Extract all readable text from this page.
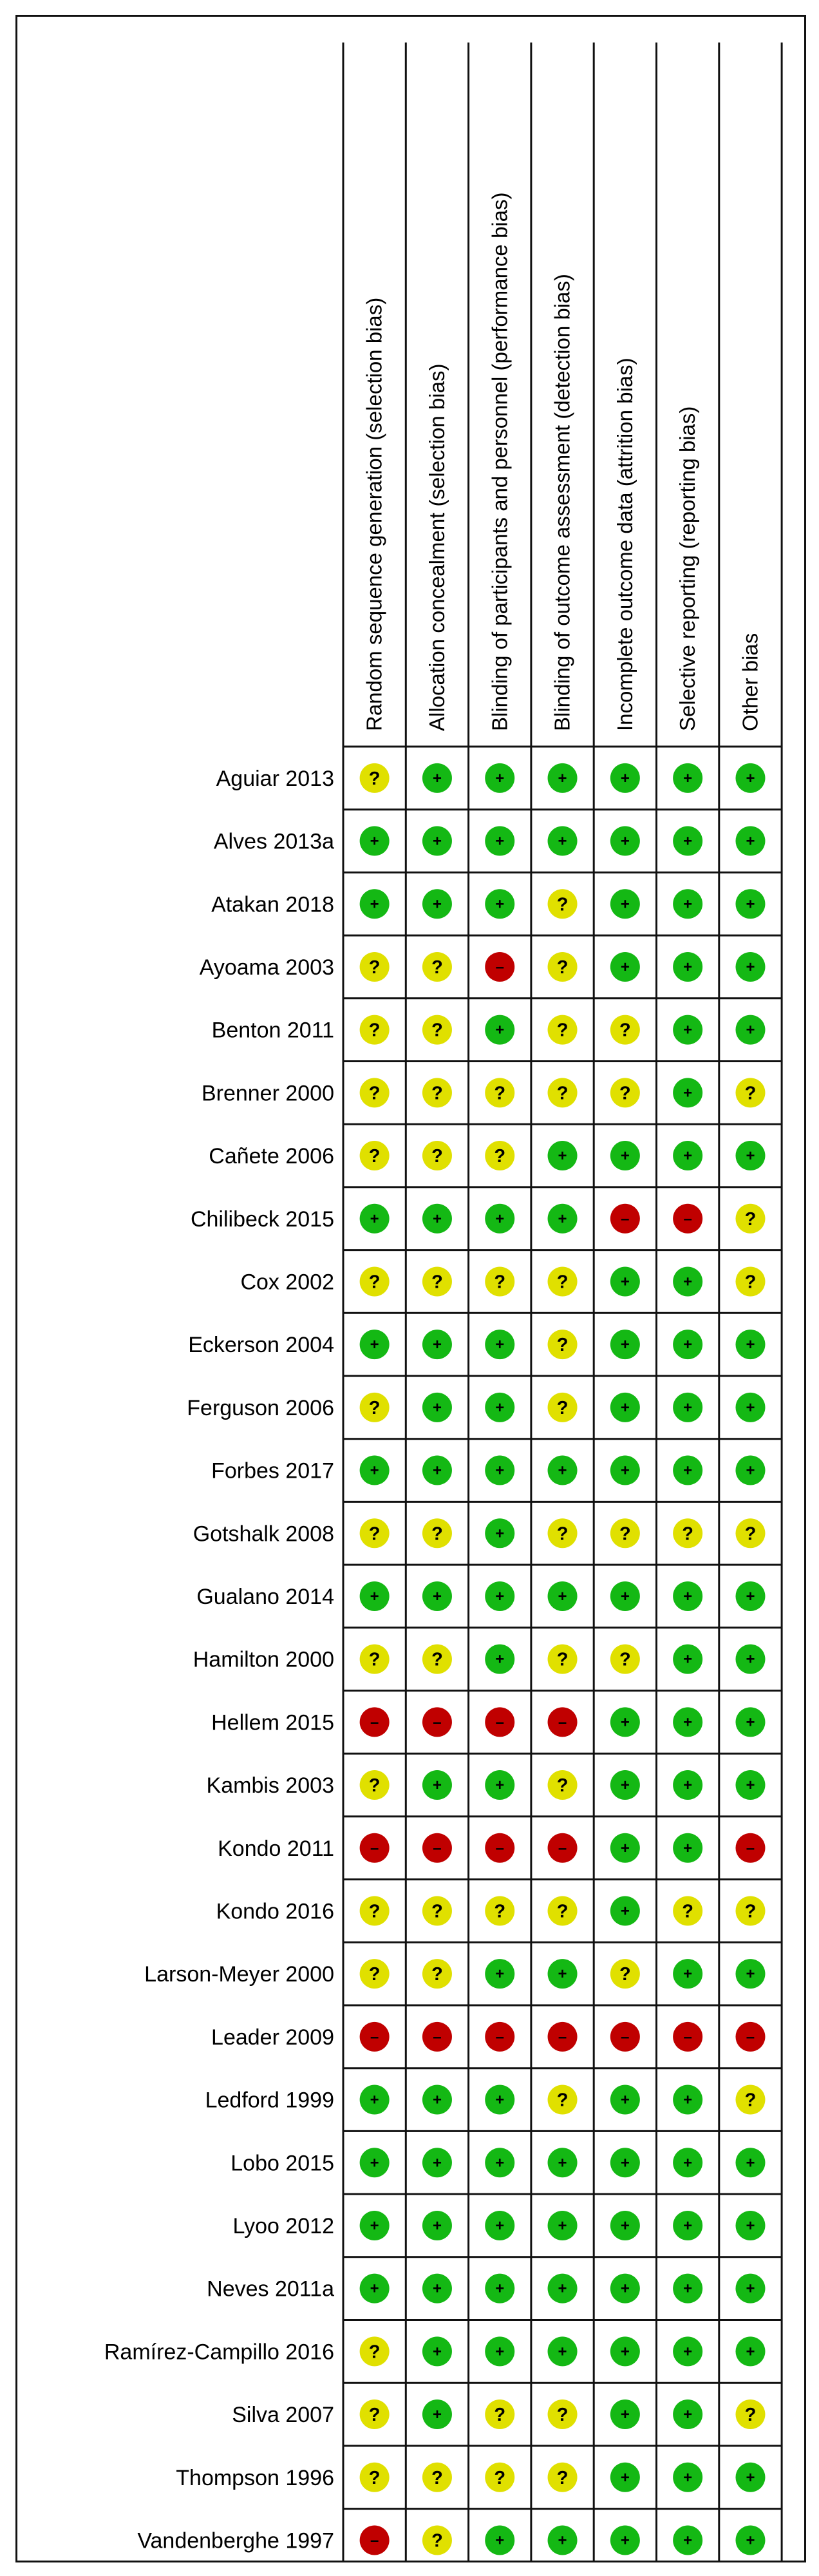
Random sequence generation (selection bias) Allocation concealment (selection bias) Blinding of participants and personnel (performance bias) Blinding of outcome assessment (detection bias) Incomplete outcome data (attrition bias) Selective reporting (reporting bias) Other bias
Aguiar 2013 ?	+	+	+	+	+	+
Alves 2013a +	+	+	+	+	+	+
Atakan 2018 +	+	+	?	+	+	+
Ayoama 2003 ?	?	–	?	+	+	+
Benton 2011 ?	?	+	?	?	+	+
Brenner 2000 ?	?	?	?	?	+	?
Cañete 2006 ?	?	?	+	+	+	+
Chilibeck 2015 +	+	+	+	–	–	?
Cox 2002 ?	?	?	?	+	+	?
Eckerson 2004 +	+	+	?	+	+	+
Ferguson 2006 ?	+	+	?	+	+	+
Forbes 2017 +	+	+	+	+	+	+
Gotshalk 2008 ?	?	+	?	?	?	?
Gualano 2014 +	+	+	+	+	+	+
Hamilton 2000 ?	?	+	?	?	+	+
Hellem 2015 –	–	–	–	+	+	+
Kambis 2003 ?	+	+	?	+	+	+
Kondo 2011 –	–	–	–	+	+	–
Kondo 2016 ?	?	?	?	+	?	?
Larson-Meyer 2000 ?	?	+	+	?	+	+
Leader 2009 –	–	–	–	–	–	–
Ledford 1999 +	+	+	?	+	+	?
Lobo 2015 +	+	+	+	+	+	+
Lyoo 2012 +	+	+	+	+	+	+
Neves 2011a +	+	+	+	+	+	+
Ramírez-Campillo 2016 ?	+	+	+	+	+	+
Silva 2007 ?	+	?	?	+	+	?
Thompson 1996 ?	?	?	?	+	+	+
Vandenberghe 1997 –	?	+	+	+	+	+
